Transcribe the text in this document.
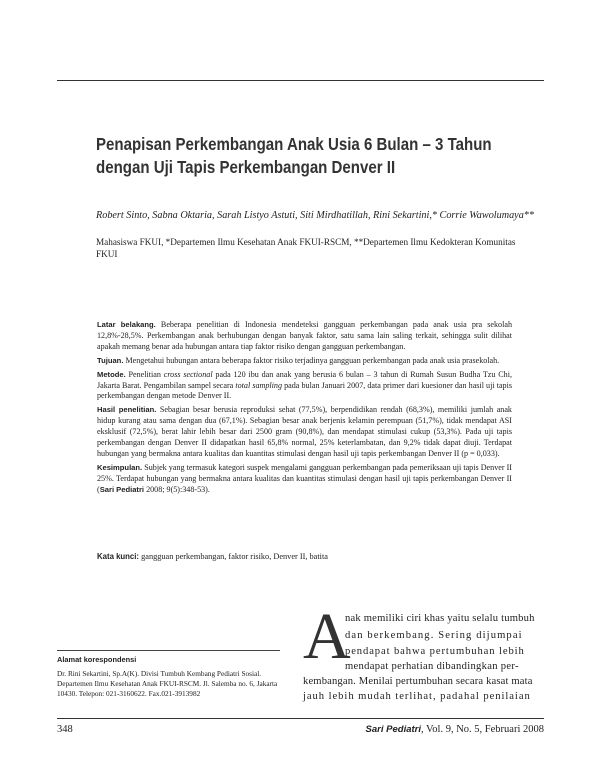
Penapisan Perkembangan Anak Usia 6 Bulan – 3 Tahun dengan Uji Tapis Perkembangan Denver II
Robert Sinto, Sabna Oktaria, Sarah Listyo Astuti, Siti Mirdhatillah, Rini Sekartini,* Corrie Wawolumaya**
Mahasiswa FKUI, *Departemen Ilmu Kesehatan Anak FKUI-RSCM, **Departemen Ilmu Kedokteran Komunitas FKUI

Latar belakang. Beberapa penelitian di Indonesia mendeteksi gangguan perkembangan pada anak usia pra sekolah 12,8%-28,5%. Perkembangan anak berhubungan dengan banyak faktor, satu sama lain saling terkait, sehingga sulit dilihat apakah memang benar ada hubungan antara tiap faktor risiko dengan gangguan perkembangan.

Tujuan. Mengetahui hubungan antara beberapa faktor risiko terjadinya gangguan perkembangan pada anak usia prasekolah.

Metode. Penelitian cross sectional pada 120 ibu dan anak yang berusia 6 bulan – 3 tahun di Rumah Susun Budha Tzu Chi, Jakarta Barat. Pengambilan sampel secara total sampling pada bulan Januari 2007, data primer dari kuesioner dan hasil uji tapis perkembangan dengan metode Denver II.

Hasil penelitian. Sebagian besar berusia reproduksi sehat (77,5%), berpendidikan rendah (68,3%), memiliki jumlah anak hidup kurang atau sama dengan dua (67,1%). Sebagian besar anak berjenis kelamin perempuan (51,7%), tidak mendapat ASI eksklusif (72,5%), berat lahir lebih besar dari 2500 gram (90,8%), dan mendapat stimulasi cukup (53,3%). Pada uji tapis perkembangan dengan Denver II didapatkan hasil 65,8% normal, 25% keterlambatan, dan 9,2% tidak dapat diuji. Terdapat hubungan yang bermakna antara kualitas dan kuantitas stimulasi dengan hasil uji tapis perkembangan Denver II (p = 0,033).

Kesimpulan. Subjek yang termasuk kategori suspek mengalami gangguan perkembangan pada pemeriksaan uji tapis Denver II 25%. Terdapat hubungan yang bermakna antara kualitas dan kuantitas stimulasi dengan hasil uji tapis perkembangan Denver II (Sari Pediatri 2008; 9(5):348-53).

Kata kunci: gangguan perkembangan, faktor risiko, Denver II, batita
Alamat korespondensi
Dr. Rini Sekartini, Sp.A(K). Divisi Tumbuh Kembang Pediatri Sosial. Departemen Ilmu Kesehatan Anak FKUI-RSCM. Jl. Salemba no. 6, Jakarta 10430. Telepon: 021-3160622. Fax.021-3913982
A
nak memiliki ciri khas yaitu selalu tumbuh
dan berkembang. Sering dijumpai
pendapat bahwa pertumbuhan lebih
mendapat perhatian dibandingkan per-
kembangan. Menilai pertumbuhan secara kasat mata
jauh lebih mudah terlihat, padahal penilaian
348	Sari Pediatri, Vol. 9, No. 5, Februari 2008
